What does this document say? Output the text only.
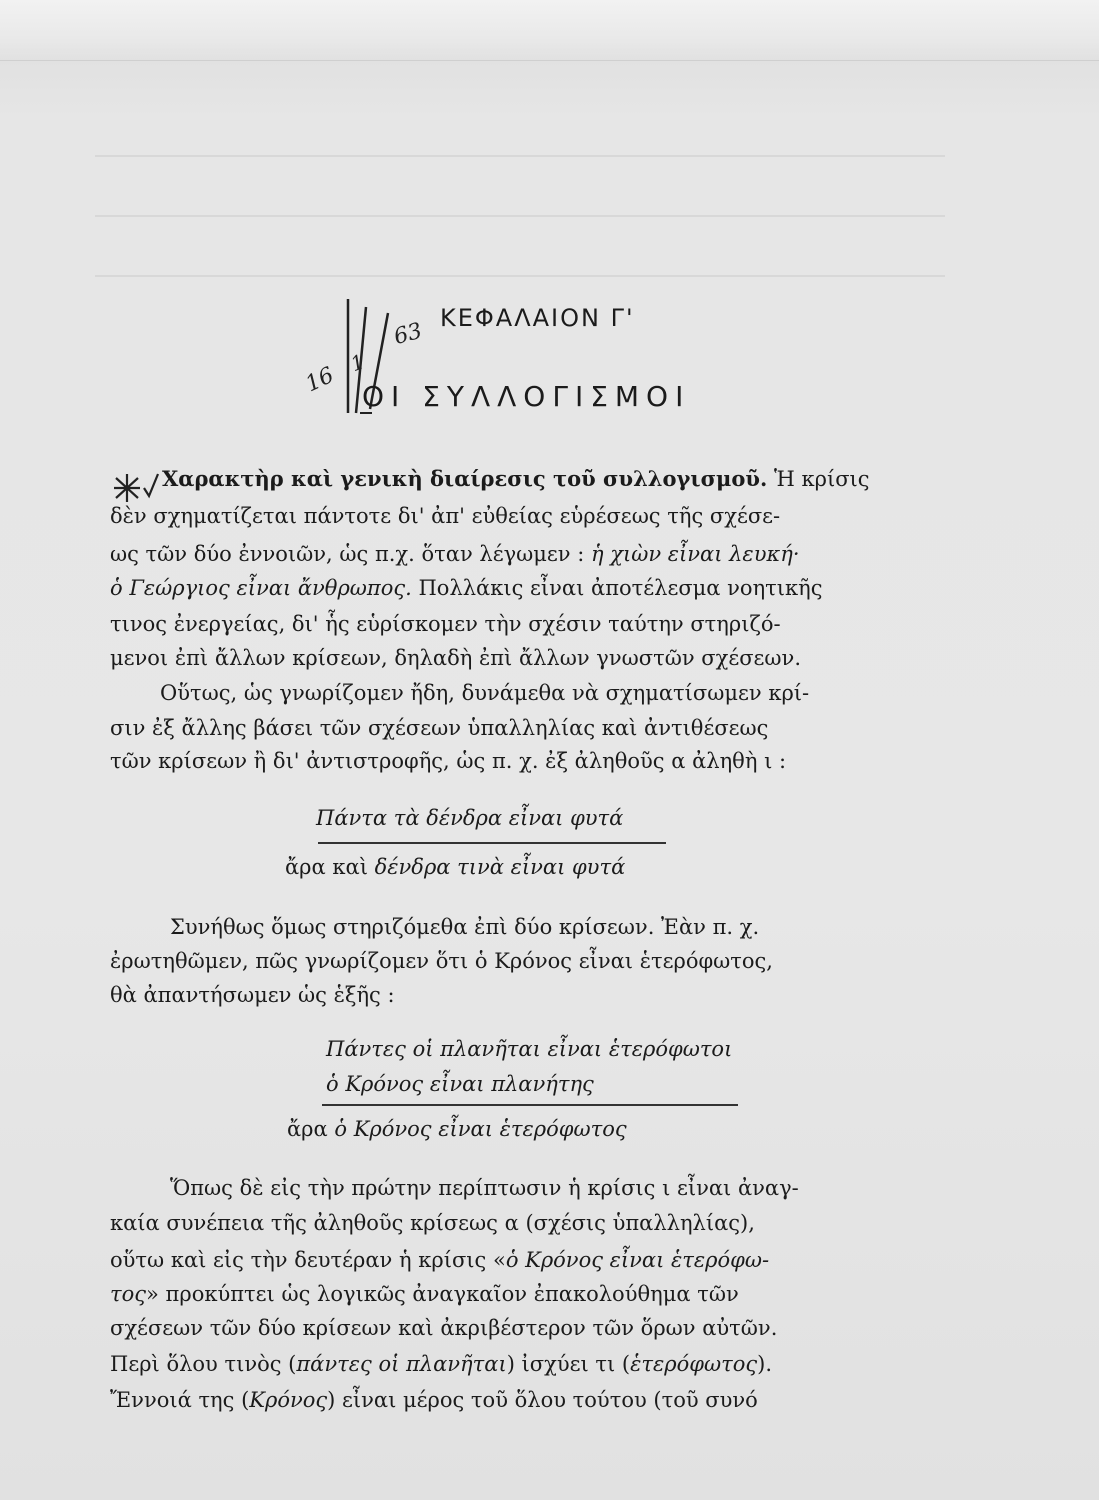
16
1
63
ΚΕΦΑΛΑΙΟΝ Γ'
ΟΙ ΣΥΛΛΟΓΙΣΜΟΙ
Χαρακτὴρ καὶ γενικὴ διαίρεσις τοῦ συλλογισμοῦ. Ἡ κρίσις
δὲν σχηματίζεται πάντοτε δι' ἀπ' εὐθείας εὑρέσεως τῆς σχέσε-
ως τῶν δύο ἐννοιῶν, ὡς π.χ. ὅταν λέγωμεν : ἡ χιὼν εἶναι λευκή·
ὁ Γεώργιος εἶναι ἄνθρωπος. Πολλάκις εἶναι ἀποτέλεσμα νοητικῆς
τινος ἐνεργείας, δι' ἧς εὑρίσκομεν τὴν σχέσιν ταύτην στηριζό-
μενοι ἐπὶ ἄλλων κρίσεων, δηλαδὴ ἐπὶ ἄλλων γνωστῶν σχέσεων.
Οὕτως, ὡς γνωρίζομεν ἤδη, δυνάμεθα νὰ σχηματίσωμεν κρί-
σιν ἐξ ἄλλης βάσει τῶν σχέσεων ὑπαλληλίας καὶ ἀντιθέσεως
τῶν κρίσεων ἢ δι' ἀντιστροφῆς, ὡς π. χ. ἐξ ἀληθοῦς α ἀληθὴ ι :
Πάντα τὰ δένδρα εἶναι φυτά
ἄρα καὶ δένδρα τινὰ εἶναι φυτά
Συνήθως ὅμως στηριζόμεθα ἐπὶ δύο κρίσεων. Ἐὰν π. χ.
ἐρωτηθῶμεν, πῶς γνωρίζομεν ὅτι ὁ Κρόνος εἶναι ἑτερόφωτος,
θὰ ἀπαντήσωμεν ὡς ἑξῆς :
Πάντες οἱ πλανῆται εἶναι ἑτερόφωτοι
ὁ Κρόνος εἶναι πλανήτης
ἄρα ὁ Κρόνος εἶναι ἑτερόφωτος
Ὅπως δὲ εἰς τὴν πρώτην περίπτωσιν ἡ κρίσις ι εἶναι ἀναγ-
καία συνέπεια τῆς ἀληθοῦς κρίσεως α (σχέσις ὑπαλληλίας),
οὕτω καὶ εἰς τὴν δευτέραν ἡ κρίσις «ὁ Κρόνος εἶναι ἑτερόφω-
τος» προκύπτει ὡς λογικῶς ἀναγκαῖον ἐπακολούθημα τῶν
σχέσεων τῶν δύο κρίσεων καὶ ἀκριβέστερον τῶν ὅρων αὐτῶν.
Περὶ ὅλου τινὸς (πάντες οἱ πλανῆται) ἰσχύει τι (ἑτερόφωτος).
Ἔννοιά της (Κρόνος) εἶναι μέρος τοῦ ὅλου τούτου (τοῦ συνό
